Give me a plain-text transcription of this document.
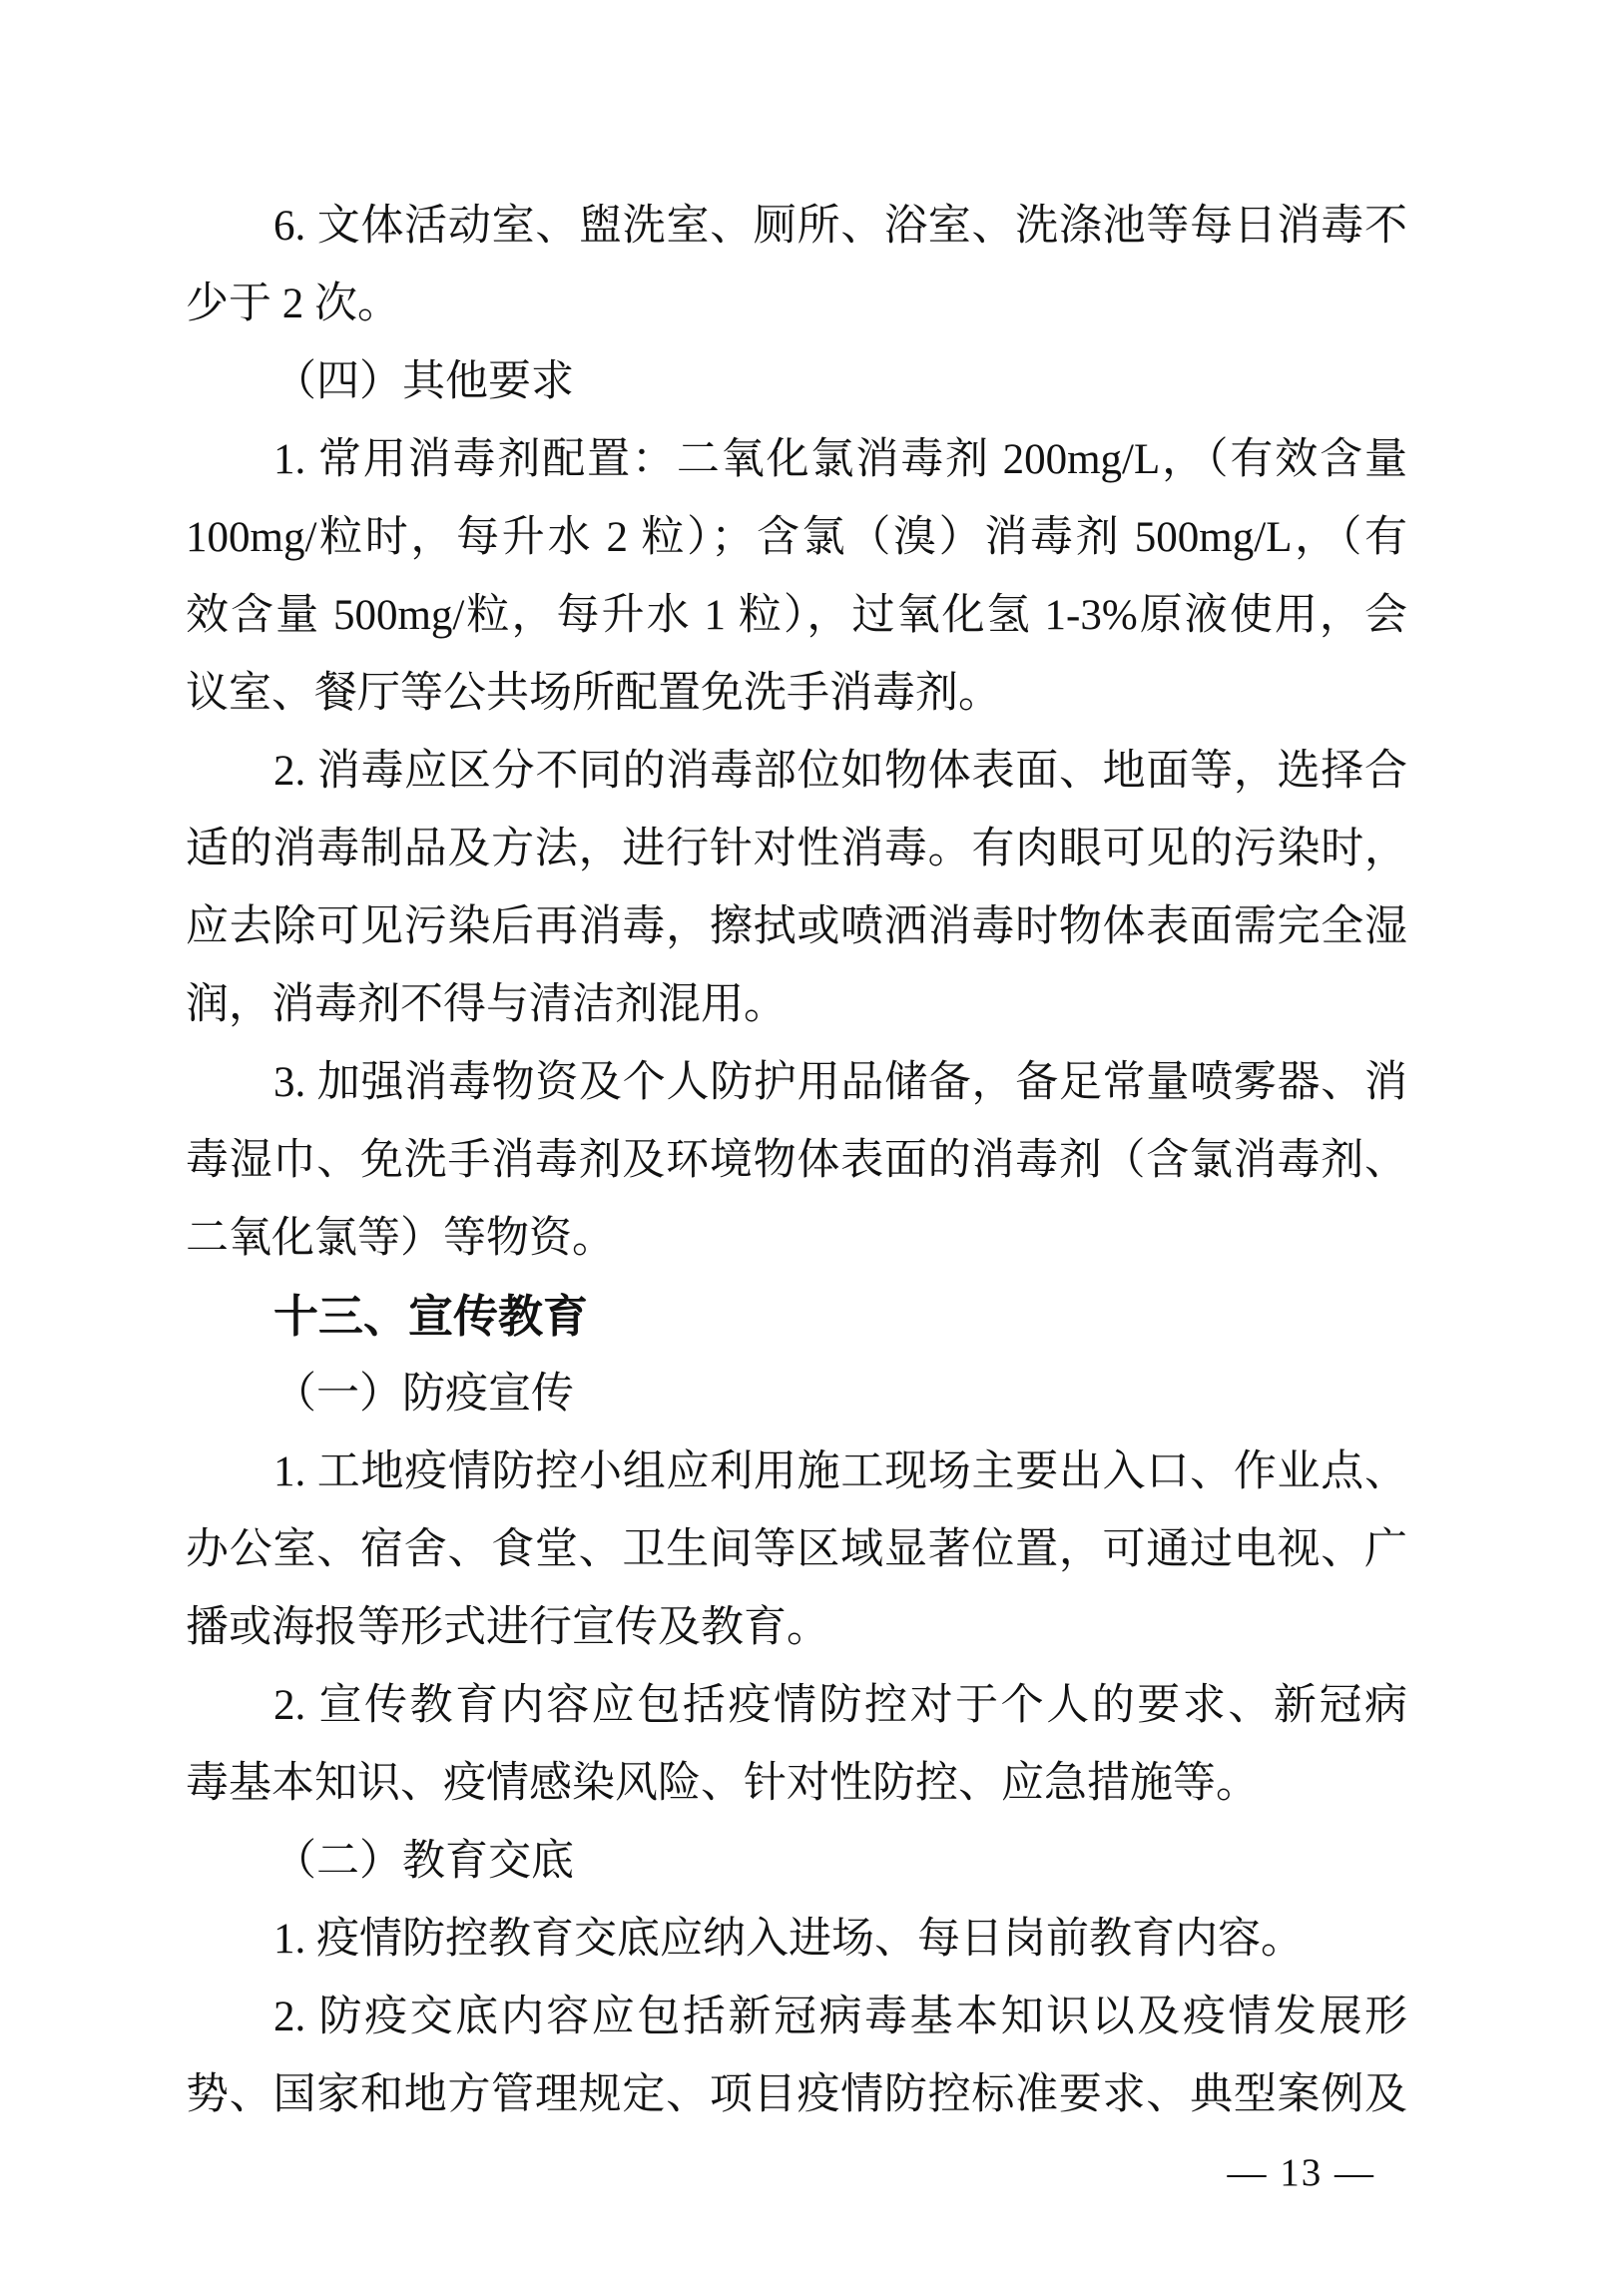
6. 文体活动室、盥洗室、厕所、浴室、洗涤池等每日消毒不
少于 2 次。
（四）其他要求
1. 常用消毒剂配置：二氧化氯消毒剂 200mg/L，（有效含量
100mg/粒时，每升水 2 粒）；含氯（溴）消毒剂 500mg/L，（有
效含量 500mg/粒，每升水 1 粒），过氧化氢 1-3%原液使用，会
议室、餐厅等公共场所配置免洗手消毒剂。
2. 消毒应区分不同的消毒部位如物体表面、地面等，选择合
适的消毒制品及方法，进行针对性消毒。有肉眼可见的污染时，
应去除可见污染后再消毒，擦拭或喷洒消毒时物体表面需完全湿
润，消毒剂不得与清洁剂混用。
3. 加强消毒物资及个人防护用品储备，备足常量喷雾器、消
毒湿巾、免洗手消毒剂及环境物体表面的消毒剂（含氯消毒剂、
二氧化氯等）等物资。
十三、宣传教育
（一）防疫宣传
1. 工地疫情防控小组应利用施工现场主要出入口、作业点、
办公室、宿舍、食堂、卫生间等区域显著位置，可通过电视、广
播或海报等形式进行宣传及教育。
2. 宣传教育内容应包括疫情防控对于个人的要求、新冠病
毒基本知识、疫情感染风险、针对性防控、应急措施等。
（二）教育交底
1. 疫情防控教育交底应纳入进场、每日岗前教育内容。
2. 防疫交底内容应包括新冠病毒基本知识以及疫情发展形
势、国家和地方管理规定、项目疫情防控标准要求、典型案例及
— 13 —
